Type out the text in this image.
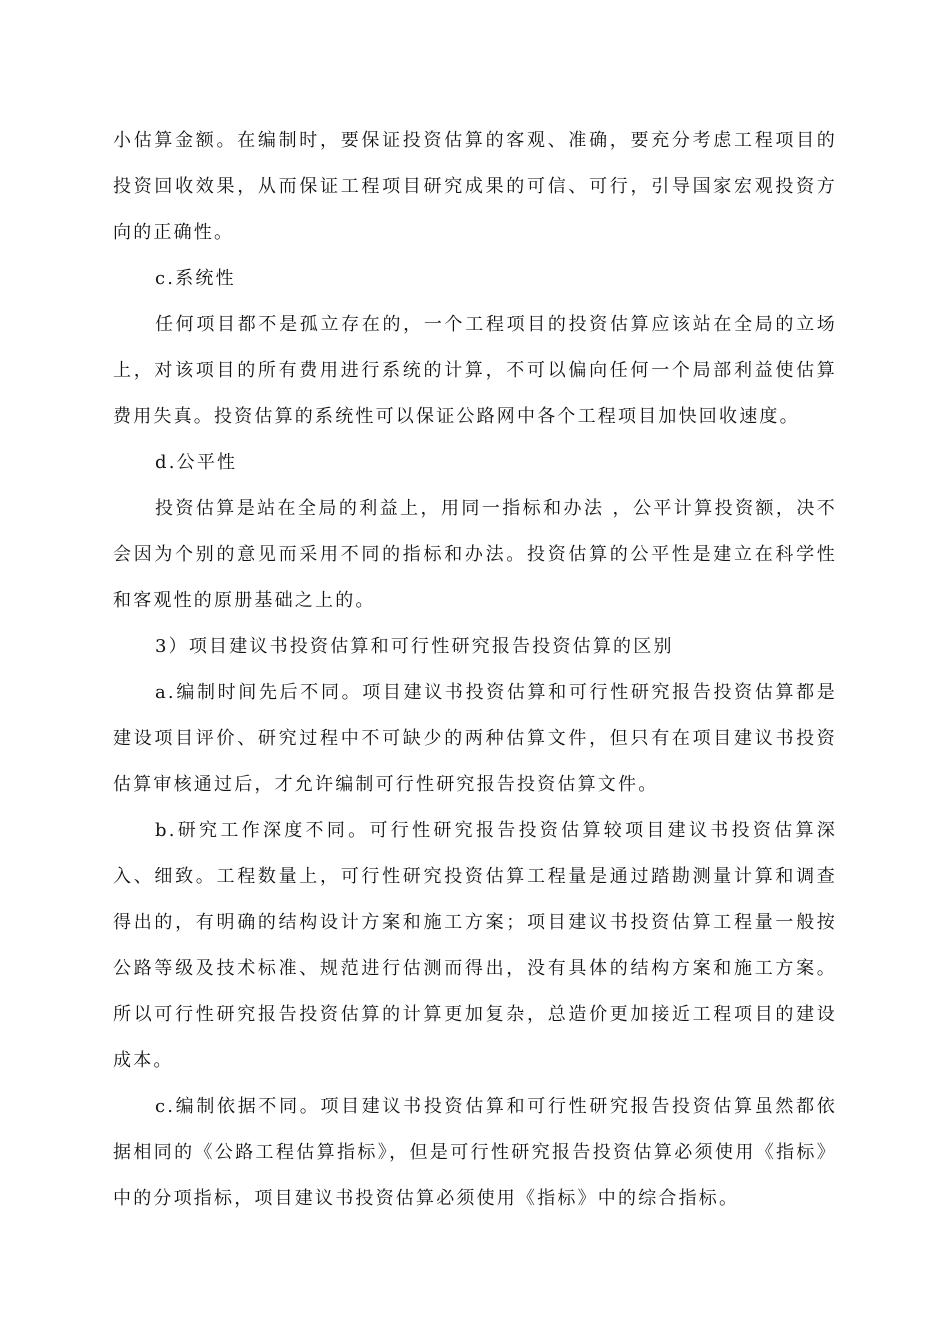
小估算金额。在编制时，要保证投资估算的客观、准确，要充分考虑工程项目的投资回收效果，从而保证工程项目研究成果的可信、可行，引导国家宏观投资方向的正确性。

c.系统性

任何项目都不是孤立存在的，一个工程项目的投资估算应该站在全局的立场上，对该项目的所有费用进行系统的计算，不可以偏向任何一个局部利益使估算费用失真。投资估算的系统性可以保证公路网中各个工程项目加快回收速度。

d.公平性

投资估算是站在全局的利益上，用同一指标和办法 ，公平计算投资额，决不会因为个别的意见而采用不同的指标和办法。投资估算的公平性是建立在科学性和客观性的原册基础之上的。

3）项目建议书投资估算和可行性研究报告投资估算的区别

a.编制时间先后不同。项目建议书投资估算和可行性研究报告投资估算都是建设项目评价、研究过程中不可缺少的两种估算文件，但只有在项目建议书投资估算审核通过后，才允许编制可行性研究报告投资估算文件。

b.研究工作深度不同。可行性研究报告投资估算较项目建议书投资估算深入、细致。工程数量上，可行性研究投资估算工程量是通过踏勘测量计算和调查得出的，有明确的结构设计方案和施工方案；项目建议书投资估算工程量一般按公路等级及技术标准、规范进行估测而得出，没有具体的结构方案和施工方案。所以可行性研究报告投资估算的计算更加复杂，总造价更加接近工程项目的建设成本。

c.编制依据不同。项目建议书投资估算和可行性研究报告投资估算虽然都依据相同的《公路工程估算指标》，但是可行性研究报告投资估算必须使用《指标》中的分项指标，项目建议书投资估算必须使用《指标》中的综合指标。
